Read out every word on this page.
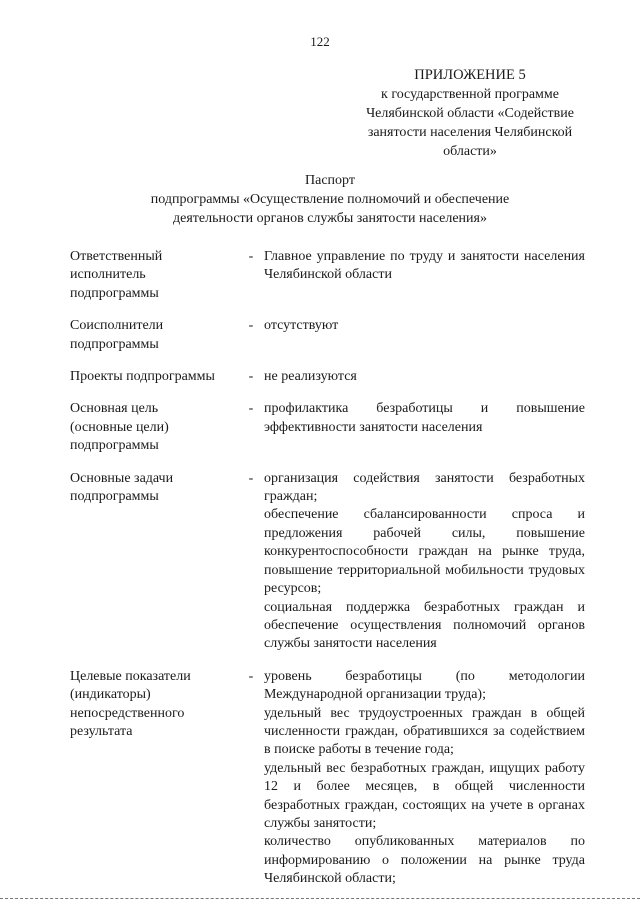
122
ПРИЛОЖЕНИЕ 5
к государственной программе
Челябинской области «Содействие
занятости населения Челябинской
области»
Паспорт
подпрограммы «Осуществление полномочий и обеспечение
деятельности органов службы занятости населения»
Ответственный
исполнитель
подпрограммы
- Главное управление по труду и занятости населения Челябинской области
Соисполнители
подпрограммы
- отсутствуют
Проекты подпрограммы	- не реализуются
Основная цель
(основные цели)
подпрограммы
- профилактика безработицы и повышение эффективности занятости населения
Основные задачи
подпрограммы
- организация содействия занятости безработных граждан;
обеспечение сбалансированности спроса и предложения рабочей силы, повышение конкурентоспособности граждан на рынке труда, повышение территориальной мобильности трудовых ресурсов;
социальная поддержка безработных граждан и обеспечение осуществления полномочий органов службы занятости населения
Целевые показатели
(индикаторы)
непосредственного
результата
- уровень безработицы (по методологии Международной организации труда);
удельный вес трудоустроенных граждан в общей численности граждан, обратившихся за содействием в поиске работы в течение года;
удельный вес безработных граждан, ищущих работу 12 и более месяцев, в общей численности безработных граждан, состоящих на учете в органах службы занятости;
количество опубликованных материалов по информированию о положении на рынке труда Челябинской области;
